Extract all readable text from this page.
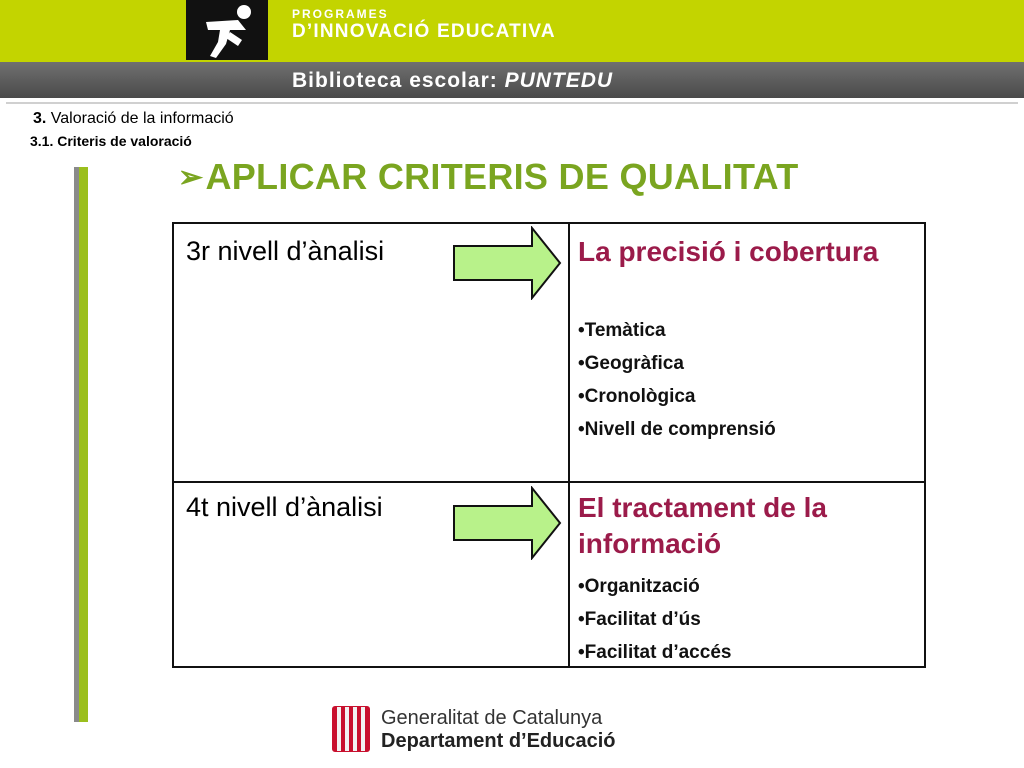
PROGRAMES
D’INNOVACIÓ EDUCATIVA
Biblioteca escolar: PUNTEDU
3. Valoració de la informació
3.1. Criteris de valoració
➢APLICAR CRITERIS DE QUALITAT
3r nivell d’ànalisi	La precisió i cobertura
•Temàtica
•Geogràfica
•Cronològica
•Nivell de comprensió
4t nivell d’ànalisi	El tractament de la informació
•Organització
•Facilitat d’ús
•Facilitat d’accés
Generalitat de Catalunya
Departament d’Educació
